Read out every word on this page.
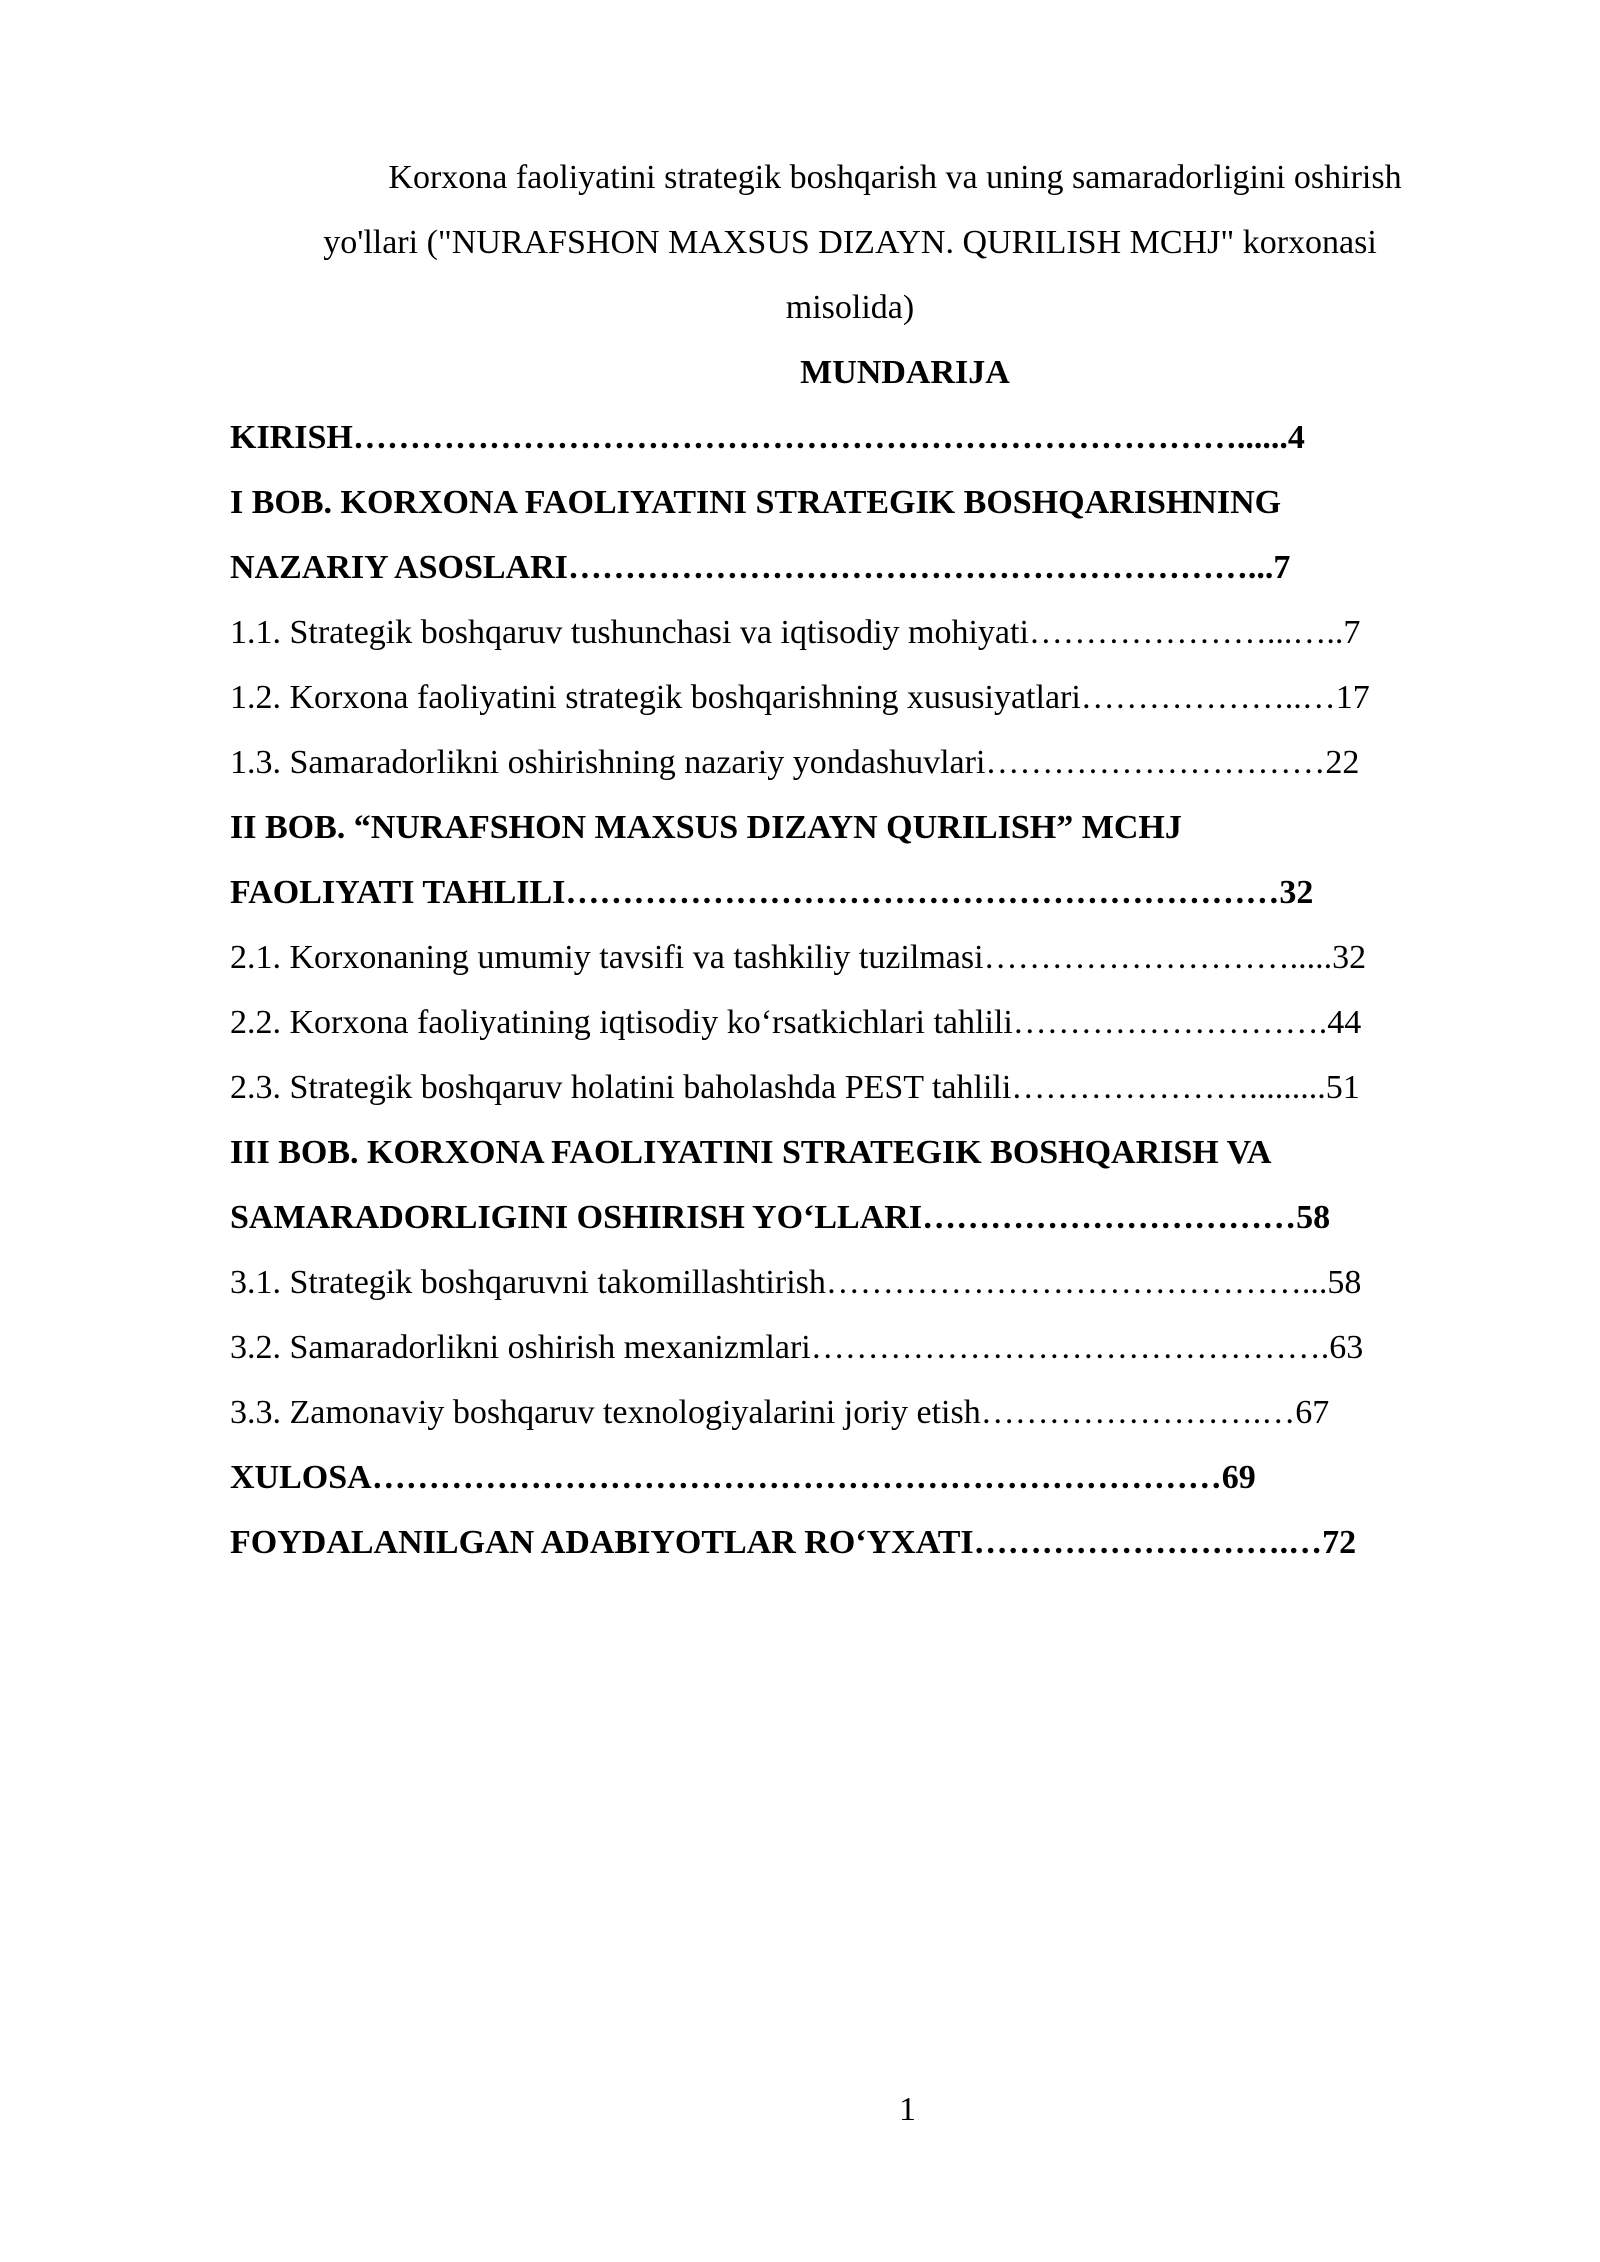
Korxona faoliyatini strategik boshqarish va uning samaradorligini oshirish
yo'llari ("NURAFSHON MAXSUS DIZAYN. QURILISH MCHJ" korxonasi
misolida)
MUNDARIJA
KIRISH……………………………………………………………………......4
I BOB. KORXONA FAOLIYATINI STRATEGIK BOSHQARISHNING
NAZARIY ASOSLARI……………………………………………………...7
1.1. Strategik boshqaruv tushunchasi va iqtisodiy mohiyati…………………...…..7
1.2. Korxona faoliyatini strategik boshqarishning xususiyatlari………………..…17
1.3. Samaradorlikni oshirishning nazariy yondashuvlari…………………………22
II BOB. “NURAFSHON MAXSUS DIZAYN QURILISH” MCHJ
FAOLIYATI TAHLILI………………………………………………………32
2.1. Korxonaning umumiy tavsifi va tashkiliy tuzilmasi……………………….....32
2.2. Korxona faoliyatining iqtisodiy ko‘rsatkichlari tahlili……………………….44
2.3. Strategik boshqaruv holatini baholashda PEST tahlili………………….........51
III BOB. KORXONA FAOLIYATINI STRATEGIK BOSHQARISH VA
SAMARADORLIGINI OSHIRISH YO‘LLARI……………………………58
3.1. Strategik boshqaruvni takomillashtirish……………………………………...58
3.2. Samaradorlikni oshirish mexanizmlari……………………………………….63
3.3. Zamonaviy boshqaruv texnologiyalarini joriy etish…………………….…67
XULOSA…………………………………………………………………69
FOYDALANILGAN ADABIYOTLAR RO‘YXATI……………………….…72
1
